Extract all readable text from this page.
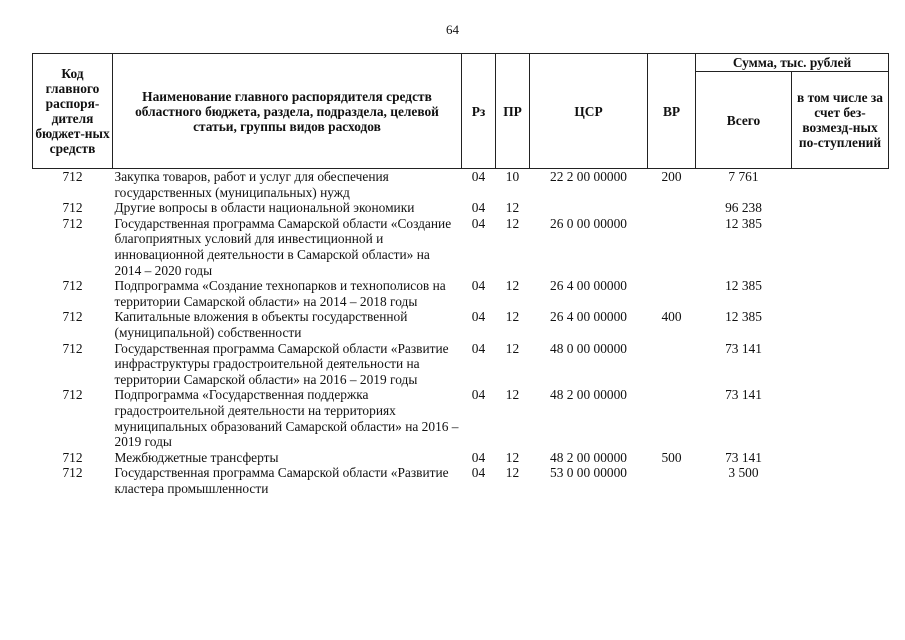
64
Код главного распоря-дителя бюджет-ных средств	Наименование главного распорядителя средств областного бюджета, раздела, подраздела, целевой статьи, группы видов расходов	Рз	ПР	ЦСР	ВР	Сумма, тыс. рублей	
						Всего	в том числе за счет без-возмезд-ных по-ступлений
712	Закупка товаров, работ и услуг для обеспечения государственных (муниципальных) нужд	04	10	22 2 00 00000	200	7 761	
712	Другие вопросы в области национальной экономики	04	12			96 238	
712	Государственная программа Самарской области «Создание благоприятных условий для инвестиционной и инновационной деятельности в Самарской области» на 2014 – 2020 годы	04	12	26 0 00 00000		12 385	
712	Подпрограмма «Создание технопарков и технополисов на территории Самарской области» на 2014 – 2018 годы	04	12	26 4 00 00000		12 385	
712	Капитальные вложения в объекты государственной (муниципальной) собственности	04	12	26 4 00 00000	400	12 385	
712	Государственная программа Самарской области «Развитие инфраструктуры градостроительной деятельности на территории Самарской области» на 2016 – 2019 годы	04	12	48 0 00 00000		73 141	
712	Подпрограмма «Государственная поддержка градостроительной деятельности на территориях муниципальных образований Самарской области» на 2016 – 2019 годы	04	12	48 2 00 00000		73 141	
712	Межбюджетные трансферты	04	12	48 2 00 00000	500	73 141	
712	Государственная программа Самарской области «Развитие кластера промышленности	04	12	53 0 00 00000		3 500	
